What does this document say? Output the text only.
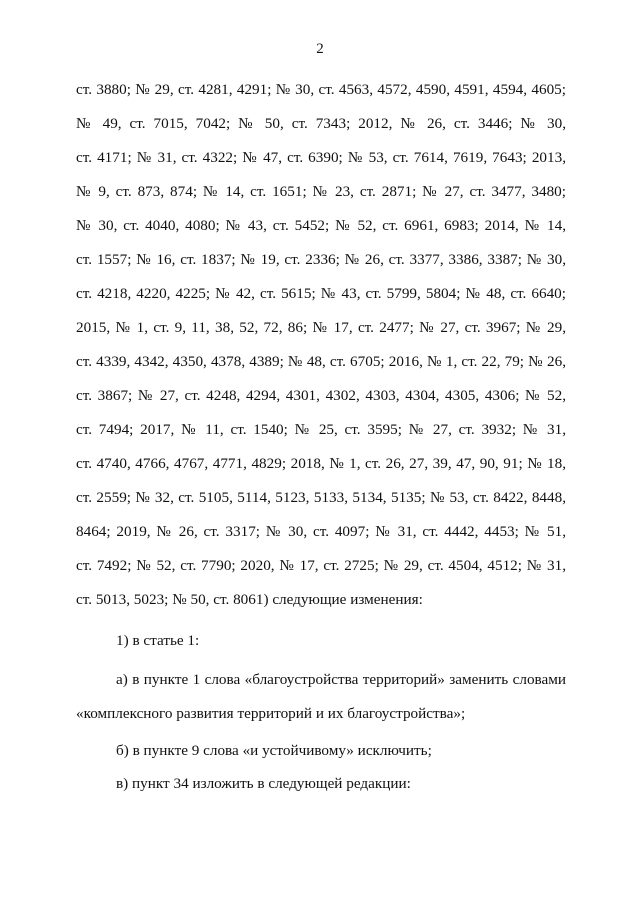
2
ст. 3880; № 29, ст. 4281, 4291; № 30, ст. 4563, 4572, 4590, 4591, 4594, 4605;
№ 49, ст. 7015, 7042; № 50, ст. 7343; 2012, № 26, ст. 3446; № 30,
ст. 4171; № 31, ст. 4322; № 47, ст. 6390; № 53, ст. 7614, 7619, 7643; 2013,
№ 9, ст. 873, 874; № 14, ст. 1651; № 23, ст. 2871; № 27, ст. 3477, 3480;
№ 30, ст. 4040, 4080; № 43, ст. 5452; № 52, ст. 6961, 6983; 2014, № 14,
ст. 1557; № 16, ст. 1837; № 19, ст. 2336; № 26, ст. 3377, 3386, 3387; № 30,
ст. 4218, 4220, 4225; № 42, ст. 5615; № 43, ст. 5799, 5804; № 48, ст. 6640;
2015, № 1, ст. 9, 11, 38, 52, 72, 86; № 17, ст. 2477; № 27, ст. 3967; № 29,
ст. 4339, 4342, 4350, 4378, 4389; № 48, ст. 6705; 2016, № 1, ст. 22, 79; № 26,
ст. 3867; № 27, ст. 4248, 4294, 4301, 4302, 4303, 4304, 4305, 4306; № 52,
ст. 7494; 2017, № 11, ст. 1540; № 25, ст. 3595; № 27, ст. 3932; № 31,
ст. 4740, 4766, 4767, 4771, 4829; 2018, № 1, ст. 26, 27, 39, 47, 90, 91; № 18,
ст. 2559; № 32, ст. 5105, 5114, 5123, 5133, 5134, 5135; № 53, ст. 8422, 8448,
8464; 2019, № 26, ст. 3317; № 30, ст. 4097; № 31, ст. 4442, 4453; № 51,
ст. 7492; № 52, ст. 7790; 2020, № 17, ст. 2725; № 29, ст. 4504, 4512; № 31,
ст. 5013, 5023; № 50, ст. 8061) следующие изменения:
1) в статье 1:
а) в пункте 1 слова «благоустройства территорий» заменить словами
«комплексного развития территорий и их благоустройства»;
б) в пункте 9 слова «и устойчивому» исключить;
в) пункт 34 изложить в следующей редакции:
